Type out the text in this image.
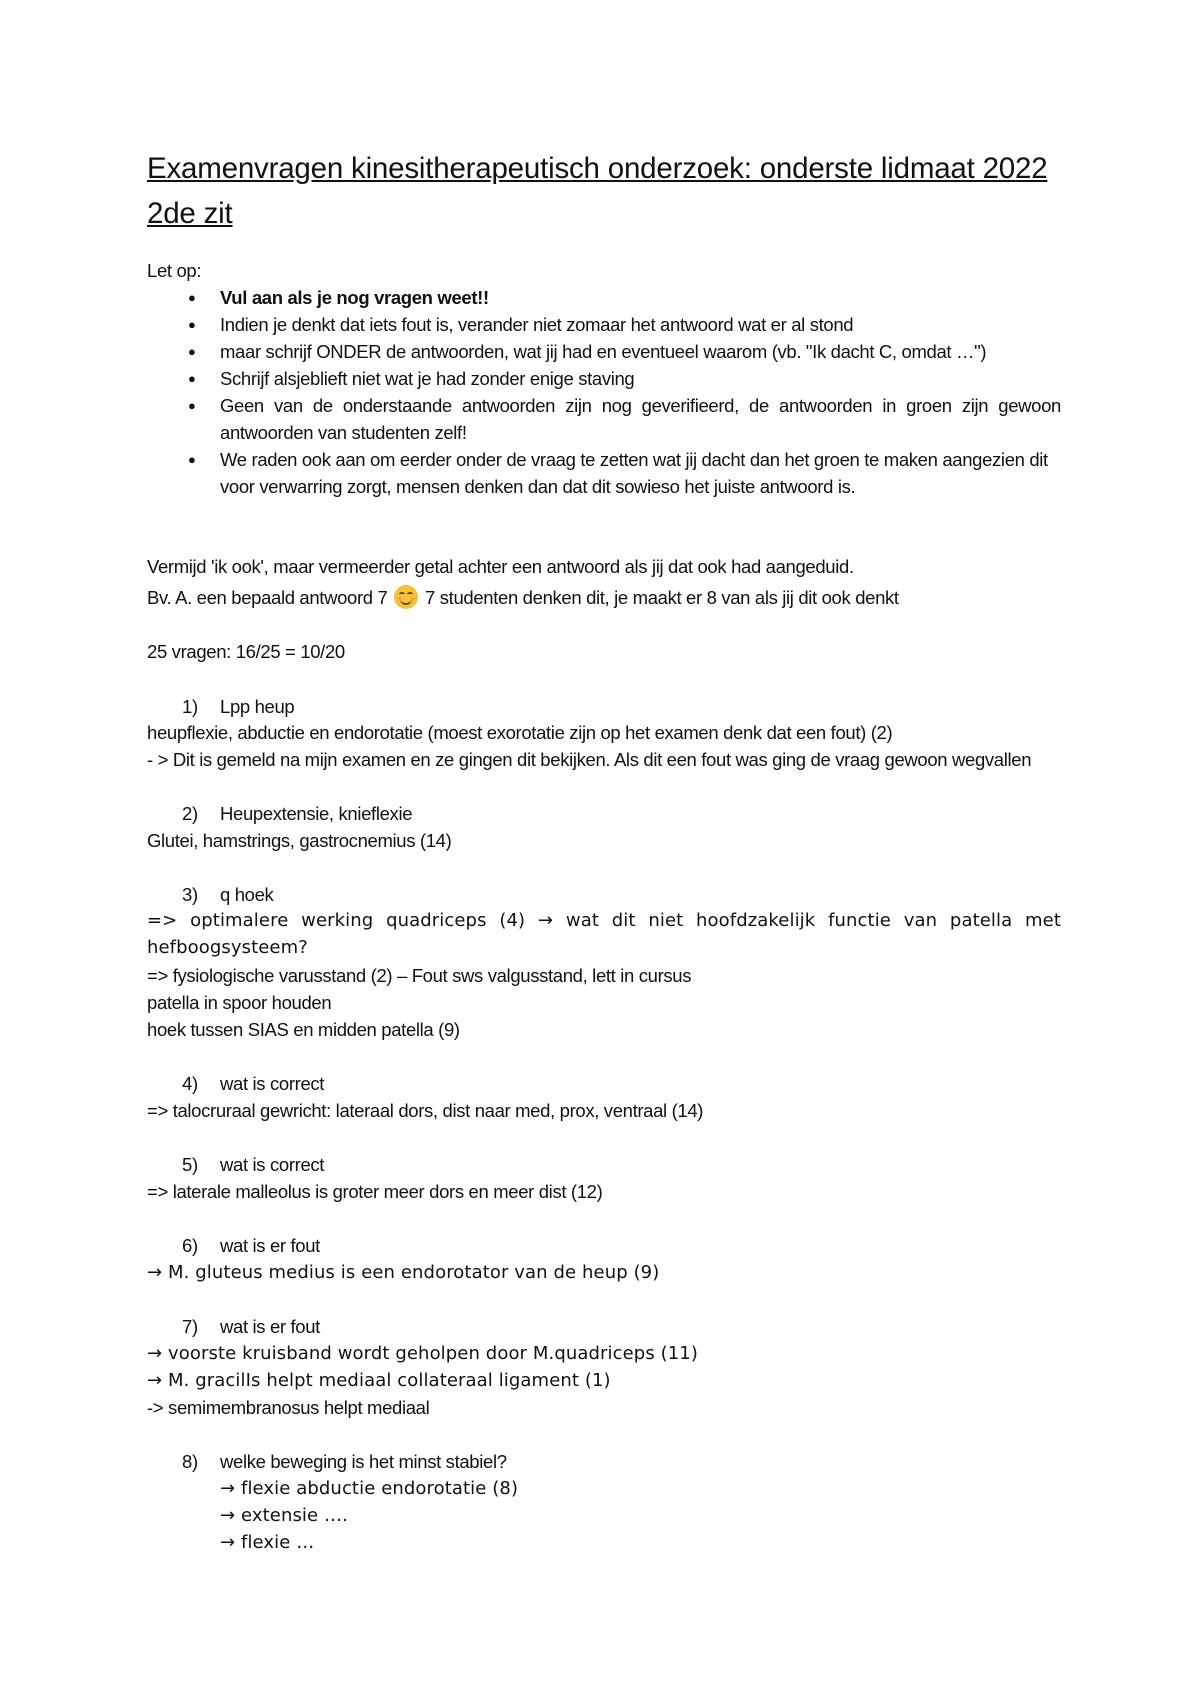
Examenvragen kinesitherapeutisch onderzoek: onderste lidmaat 2022 2de zit

Let op:

● Vul aan als je nog vragen weet!!
● Indien je denkt dat iets fout is, verander niet zomaar het antwoord wat er al stond
● maar schrijf ONDER de antwoorden, wat jij had en eventueel waarom (vb. "Ik dacht C, omdat …")
● Schrijf alsjeblieft niet wat je had zonder enige staving
● Geen van de onderstaande antwoorden zijn nog geverifieerd, de antwoorden in groen zijn gewoon antwoorden van studenten zelf!
● We raden ook aan om eerder onder de vraag te zetten wat jij dacht dan het groen te maken aangezien dit voor verwarring zorgt, mensen denken dan dat dit sowieso het juiste antwoord is.

Vermijd 'ik ook', maar vermeerder getal achter een antwoord als jij dat ook had aangeduid.

Bv. A. een bepaald antwoord 7
7 studenten denken dit, je maakt er 8 van als jij dit ook denkt

25 vragen: 16/25 = 10/20

1) Lpp heup

heupflexie, abductie en endorotatie (moest exorotatie zijn op het examen denk dat een fout) (2)

- > Dit is gemeld na mijn examen en ze gingen dit bekijken. Als dit een fout was ging de vraag gewoon wegvallen

2) Heupextensie, knieflexie

Glutei, hamstrings, gastrocnemius (14)

3) q hoek

=> optimalere werking quadriceps (4) → wat dit niet hoofdzakelijk functie van patella met hefboogsysteem?

=> fysiologische varusstand (2) – Fout sws valgusstand, lett in cursus

patella in spoor houden

hoek tussen SIAS en midden patella (9)

4) wat is correct

=> talocruraal gewricht: lateraal dors, dist naar med, prox, ventraal (14)

5) wat is correct

=> laterale malleolus is groter meer dors en meer dist (12)

6) wat is er fout

→ M. gluteus medius is een endorotator van de heup (9)

7) wat is er fout

→ voorste kruisband wordt geholpen door M.quadriceps (11)

→ M. gracilIs helpt mediaal collateraal ligament (1)

-> semimembranosus helpt mediaal

8) welke beweging is het minst stabiel?

→ flexie abductie endorotatie (8)

→ extensie ….

→ flexie …
